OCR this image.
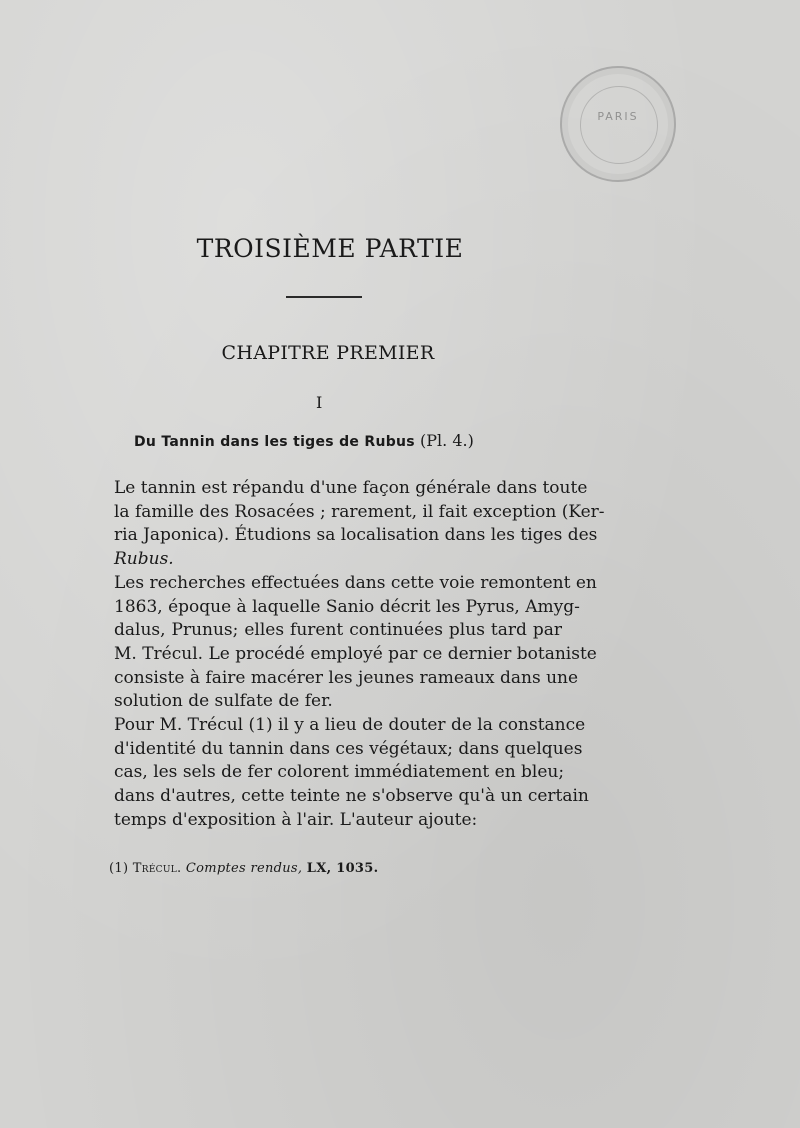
PARIS
TROISIÈME PARTIE
CHAPITRE PREMIER
I
Du Tannin dans les tiges de Rubus (Pl. 4.)
Le tannin est répandu d'une façon générale dans toute
la famille des Rosacées ; rarement, il fait exception (Ker-
ria Japonica). Étudions sa localisation dans les tiges des
Rubus.
Les recherches effectuées dans cette voie remontent en
1863, époque à laquelle Sanio décrit les Pyrus, Amyg-
dalus, Prunus; elles furent continuées plus tard par
M. Trécul. Le procédé employé par ce dernier botaniste
consiste à faire macérer les jeunes rameaux dans une
solution de sulfate de fer.
Pour M. Trécul (1) il y a lieu de douter de la constance
d'identité du tannin dans ces végétaux; dans quelques
cas, les sels de fer colorent immédiatement en bleu;
dans d'autres, cette teinte ne s'observe qu'à un certain
temps d'exposition à l'air. L'auteur ajoute:
(1) Trécul. Comptes rendus, LX, 1035.
